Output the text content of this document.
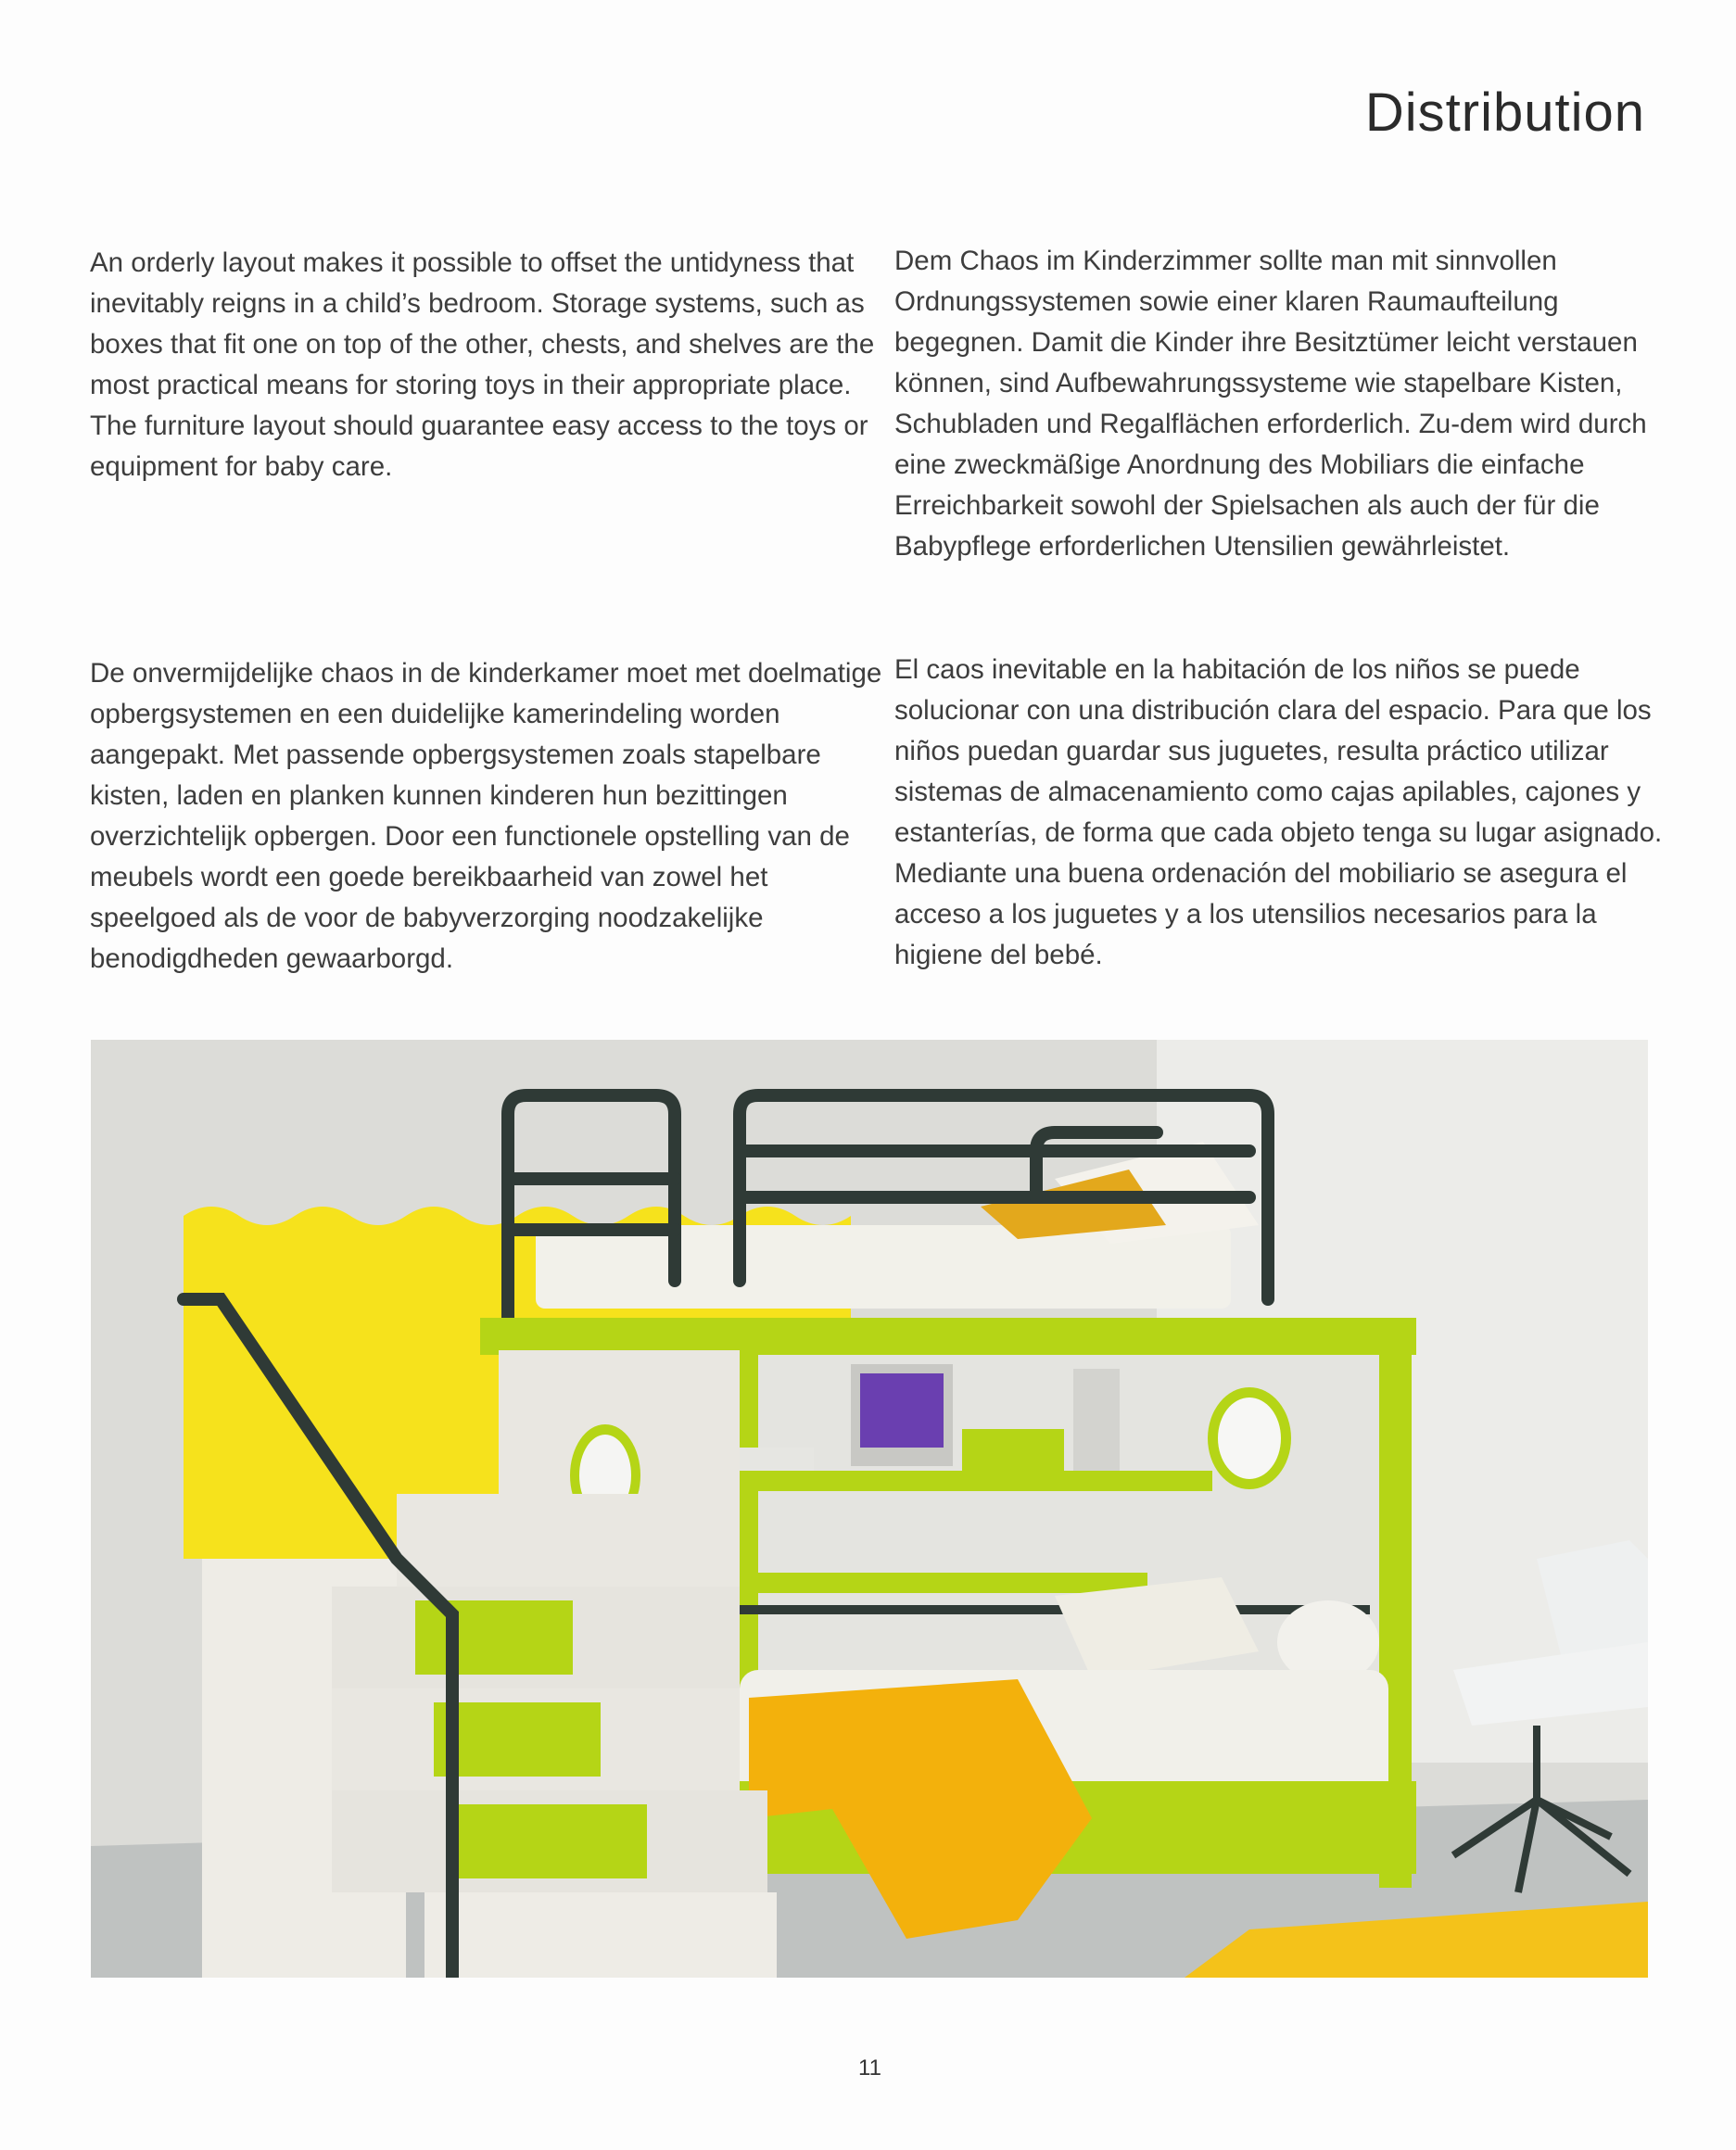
Distribution

An orderly layout makes it possible to offset the untidyness that inevitably reigns in a child’s bedroom. Storage systems, such as boxes that fit one on top of the other, chests, and shelves are the most practical means for storing toys in their appropriate place. The furniture layout should guarantee easy access to the toys or equipment for baby care.

Dem Chaos im Kinderzimmer sollte man mit sinnvollen Ordnungssystemen sowie einer klaren Raumaufteilung begegnen. Damit die Kinder ihre Besitztümer leicht verstauen können, sind Aufbewahrungssysteme wie stapelbare Kisten, Schubladen und Regalflächen erforderlich. Zu-dem wird durch eine zweckmäßige Anordnung des Mobiliars die einfache Erreichbarkeit sowohl der Spielsachen als auch der für die Babypflege erforderlichen Utensilien gewährleistet.

De onvermijdelijke chaos in de kinderkamer moet met doelmatige opbergsystemen en een duidelijke kamerindeling worden aangepakt. Met passende opbergsystemen zoals stapelbare kisten, laden en planken kunnen kinderen hun bezittingen overzichtelijk opbergen. Door een functionele opstelling van de meubels wordt een goede bereikbaarheid van zowel het speelgoed als de voor de babyverzorging noodzakelijke benodigdheden gewaarborgd.

El caos inevitable en la habitación de los niños se puede solucionar con una distribución clara del espacio. Para que los niños puedan guardar sus juguetes, resulta práctico utilizar sistemas de almacenamiento como cajas apilables, cajones y estanterías, de forma que cada objeto tenga su lugar asignado. Mediante una buena ordenación del mobiliario se asegura el acceso a los juguetes y a los utensilios necesarios para la higiene del bebé.

11
